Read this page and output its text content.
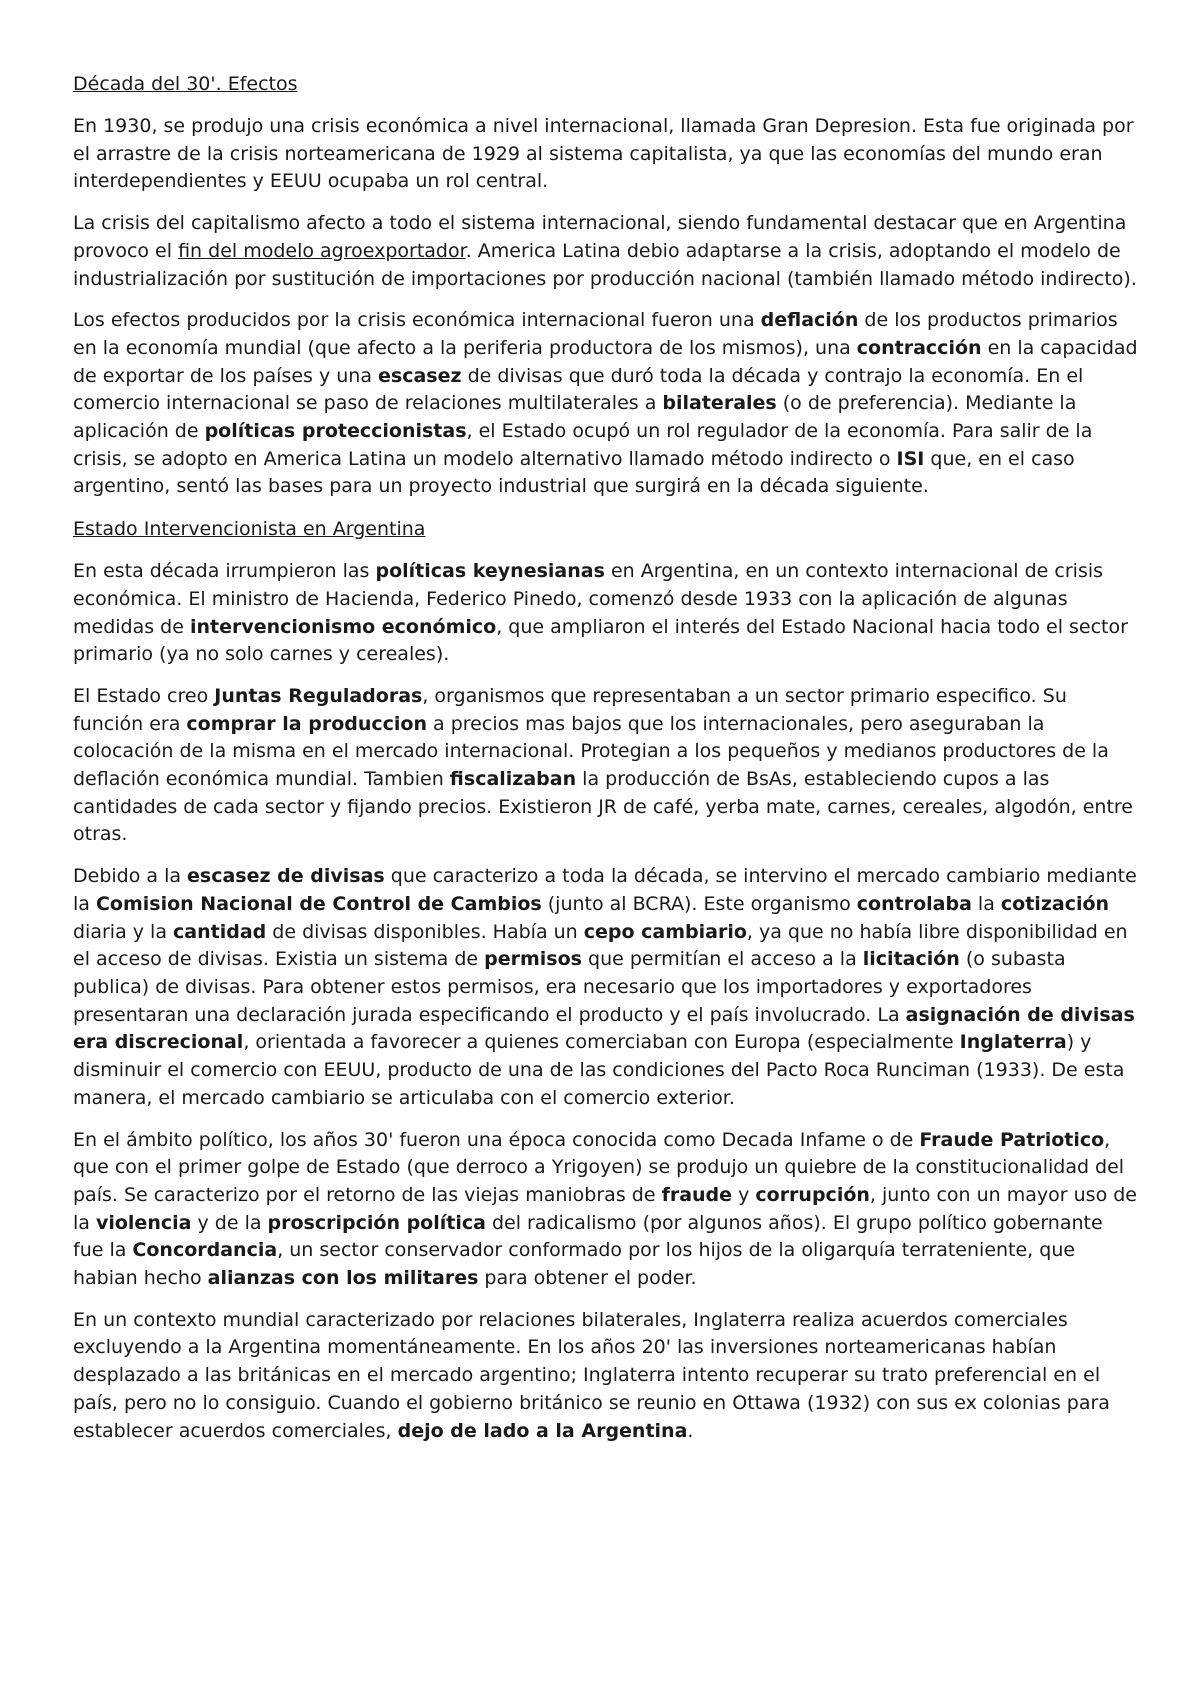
Década del 30'. Efectos

En 1930, se produjo una crisis económica a nivel internacional, llamada Gran Depresion. Esta fue originada por el arrastre de la crisis norteamericana de 1929 al sistema capitalista, ya que las economías del mundo eran interdependientes y EEUU ocupaba un rol central.

La crisis del capitalismo afecto a todo el sistema internacional, siendo fundamental destacar que en Argentina provoco el fin del modelo agroexportador. America Latina debio adaptarse a la crisis, adoptando el modelo de industrialización por sustitución de importaciones por producción nacional (también llamado método indirecto).

Los efectos producidos por la crisis económica internacional fueron una deflación de los productos primarios en la economía mundial (que afecto a la periferia productora de los mismos), una contracción en la capacidad de exportar de los países y una escasez de divisas que duró toda la década y contrajo la economía. En el comercio internacional se paso de relaciones multilaterales a bilaterales (o de preferencia). Mediante la aplicación de políticas proteccionistas, el Estado ocupó un rol regulador de la economía. Para salir de la crisis, se adopto en America Latina un modelo alternativo llamado método indirecto o ISI que, en el caso argentino, sentó las bases para un proyecto industrial que surgirá en la década siguiente.

Estado Intervencionista en Argentina

En esta década irrumpieron las políticas keynesianas en Argentina, en un contexto internacional de crisis económica. El ministro de Hacienda, Federico Pinedo, comenzó desde 1933 con la aplicación de algunas medidas de intervencionismo económico, que ampliaron el interés del Estado Nacional hacia todo el sector primario (ya no solo carnes y cereales).

El Estado creo Juntas Reguladoras, organismos que representaban a un sector primario especifico. Su función era comprar la produccion a precios mas bajos que los internacionales, pero aseguraban la colocación de la misma en el mercado internacional. Protegian a los pequeños y medianos productores de la deflación económica mundial. Tambien fiscalizaban la producción de BsAs, estableciendo cupos a las cantidades de cada sector y fijando precios. Existieron JR de café, yerba mate, carnes, cereales, algodón, entre otras.

Debido a la escasez de divisas que caracterizo a toda la década, se intervino el mercado cambiario mediante la Comision Nacional de Control de Cambios (junto al BCRA). Este organismo controlaba la cotización diaria y la cantidad de divisas disponibles. Había un cepo cambiario, ya que no había libre disponibilidad en el acceso de divisas. Existia un sistema de permisos que permitían el acceso a la licitación (o subasta publica) de divisas. Para obtener estos permisos, era necesario que los importadores y exportadores presentaran una declaración jurada especificando el producto y el país involucrado. La asignación de divisas era discrecional, orientada a favorecer a quienes comerciaban con Europa (especialmente Inglaterra) y disminuir el comercio con EEUU, producto de una de las condiciones del Pacto Roca Runciman (1933). De esta manera, el mercado cambiario se articulaba con el comercio exterior.

En el ámbito político, los años 30' fueron una época conocida como Decada Infame o de Fraude Patriotico, que con el primer golpe de Estado (que derroco a Yrigoyen) se produjo un quiebre de la constitucionalidad del país. Se caracterizo por el retorno de las viejas maniobras de fraude y corrupción, junto con un mayor uso de la violencia y de la proscripción política del radicalismo (por algunos años). El grupo político gobernante fue la Concordancia, un sector conservador conformado por los hijos de la oligarquía terrateniente, que habian hecho alianzas con los militares para obtener el poder.

En un contexto mundial caracterizado por relaciones bilaterales, Inglaterra realiza acuerdos comerciales excluyendo a la Argentina momentáneamente. En los años 20' las inversiones norteamericanas habían desplazado a las británicas en el mercado argentino; Inglaterra intento recuperar su trato preferencial en el país, pero no lo consiguio. Cuando el gobierno británico se reunio en Ottawa (1932) con sus ex colonias para establecer acuerdos comerciales, dejo de lado a la Argentina.
